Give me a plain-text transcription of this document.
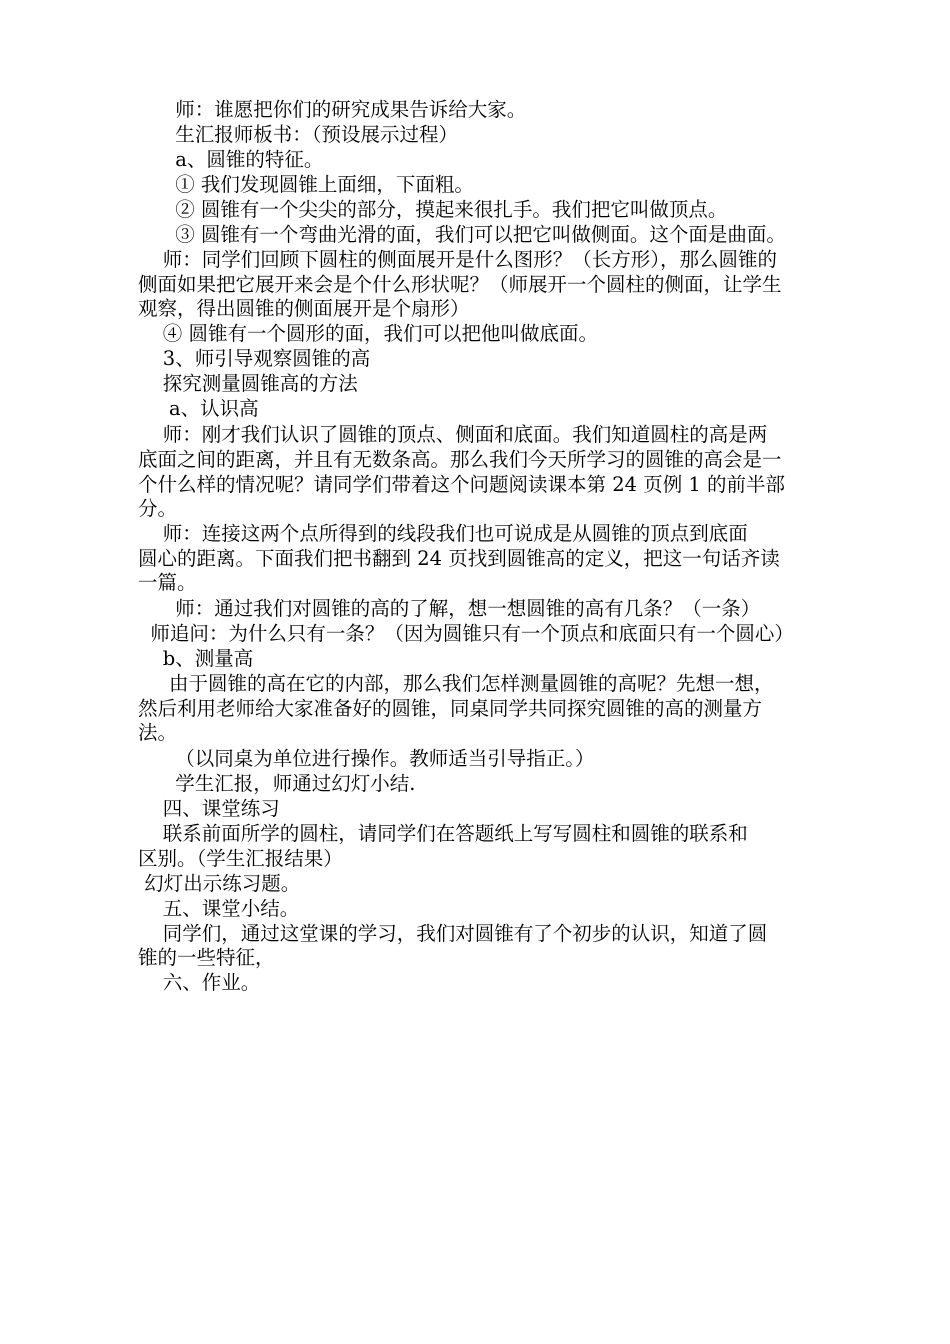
师：谁愿把你们的研究成果告诉给大家。
生汇报师板书：（预设展示过程）
a、圆锥的特征。
① 我们发现圆锥上面细，下面粗。
② 圆锥有一个尖尖的部分，摸起来很扎手。我们把它叫做顶点。
③ 圆锥有一个弯曲光滑的面，我们可以把它叫做侧面。这个面是曲面。
师：同学们回顾下圆柱的侧面展开是什么图形？（长方形），那么圆锥的
侧面如果把它展开来会是个什么形状呢？（师展开一个圆柱的侧面，让学生
观察，得出圆锥的侧面展开是个扇形）
④ 圆锥有一个圆形的面，我们可以把他叫做底面。
3、师引导观察圆锥的高
探究测量圆锥高的方法
a、认识高
师：刚才我们认识了圆锥的顶点、侧面和底面。我们知道圆柱的高是两
底面之间的距离，并且有无数条高。那么我们今天所学习的圆锥的高会是一
个什么样的情况呢？请同学们带着这个问题阅读课本第 24 页例 1 的前半部
分。
师：连接这两个点所得到的线段我们也可说成是从圆锥的顶点到底面
圆心的距离。下面我们把书翻到 24 页找到圆锥高的定义，把这一句话齐读
一篇。
师：通过我们对圆锥的高的了解，想一想圆锥的高有几条？（一条）
师追问：为什么只有一条？（因为圆锥只有一个顶点和底面只有一个圆心）
b、测量高
由于圆锥的高在它的内部，那么我们怎样测量圆锥的高呢？先想一想，
然后利用老师给大家准备好的圆锥，同桌同学共同探究圆锥的高的测量方
法。
（以同桌为单位进行操作。教师适当引导指正。）
学生汇报，师通过幻灯小结.
四、课堂练习
联系前面所学的圆柱，请同学们在答题纸上写写圆柱和圆锥的联系和
区别。（学生汇报结果）
幻灯出示练习题。
五、课堂小结。
同学们，通过这堂课的学习，我们对圆锥有了个初步的认识，知道了圆
锥的一些特征，
六、作业。
